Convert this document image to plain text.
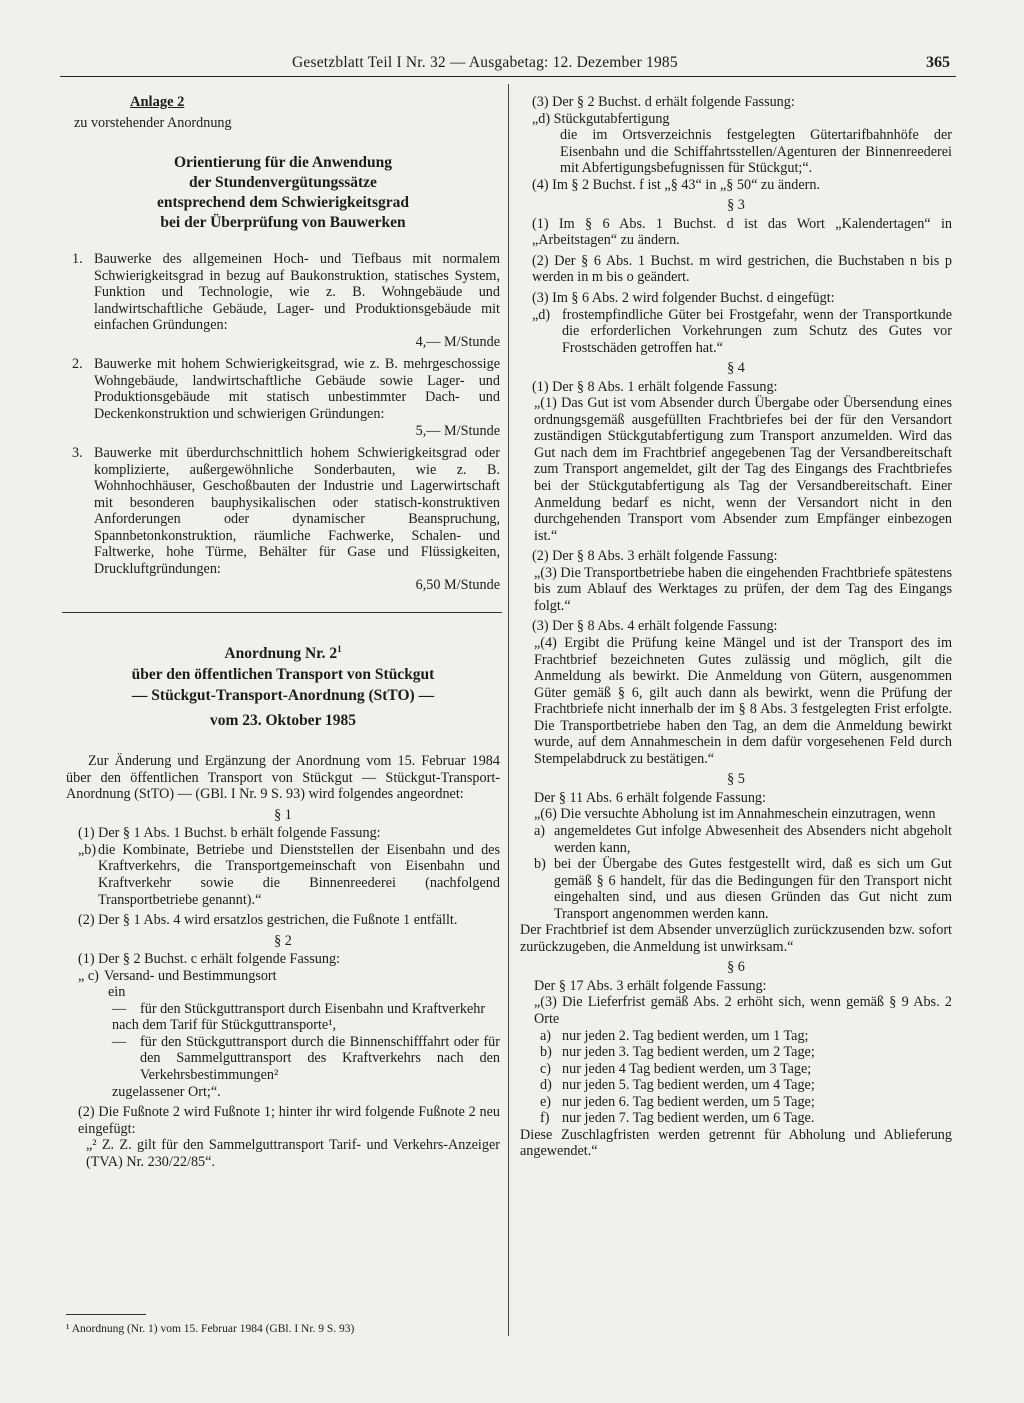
Gesetzblatt Teil I Nr. 32 — Ausgabetag: 12. Dezember 1985	365
Anlage 2
zu vorstehender Anordnung
Orientierung für die Anwendung
der Stundenvergütungssätze
entsprechend dem Schwierigkeitsgrad
bei der Überprüfung von Bauwerken
1. Bauwerke des allgemeinen Hoch- und Tiefbaus mit normalem Schwierigkeitsgrad in bezug auf Baukonstruktion, statisches System, Funktion und Technologie, wie z. B. Wohngebäude und landwirtschaftliche Gebäude, Lager- und Produktionsgebäude mit einfachen Gründungen:
4,— M/Stunde
2. Bauwerke mit hohem Schwierigkeitsgrad, wie z. B. mehrgeschossige Wohngebäude, landwirtschaftliche Gebäude sowie Lager- und Produktionsgebäude mit statisch unbestimmter Dach- und Deckenkonstruktion und schwierigen Gründungen:
5,— M/Stunde
3. Bauwerke mit überdurchschnittlich hohem Schwierigkeitsgrad oder komplizierte, außergewöhnliche Sonderbauten, wie z. B. Wohnhochhäuser, Geschoßbauten der Industrie und Lagerwirtschaft mit besonderen bauphysikalischen oder statisch-konstruktiven Anforderungen oder dynamischer Beanspruchung, Spannbetonkonstruktion, räumliche Fachwerke, Schalen- und Faltwerke, hohe Türme, Behälter für Gase und Flüssigkeiten, Druckluftgründungen:
6,50 M/Stunde
Anordnung Nr. $2^1$
über den öffentlichen Transport von Stückgut
— Stückgut-Transport-Anordnung (StTO) —
vom 23. Oktober 1985
Zur Änderung und Ergänzung der Anordnung vom 15. Februar 1984 über den öffentlichen Transport von Stückgut — Stückgut-Transport-Anordnung (StTO) — (GBl. I Nr. 9 S. 93) wird folgendes angeordnet:
§ 1
(1) Der § 1 Abs. 1 Buchst. b erhält folgende Fassung:
„b) die Kombinate, Betriebe und Dienststellen der Eisenbahn und des Kraftverkehrs, die Transportgemeinschaft von Eisenbahn und Kraftverkehr sowie die Binnenreederei (nachfolgend Transportbetriebe genannt).“
(2) Der § 1 Abs. 4 wird ersatzlos gestrichen, die Fußnote 1 entfällt.
§ 2
(1) Der § 2 Buchst. c erhält folgende Fassung:
„ c) Versand- und Bestimmungsort
ein
— für den Stückguttransport durch Eisenbahn und Kraftverkehr
nach dem Tarif für Stückguttransporte¹,
— für den Stückguttransport durch die Binnenschifffahrt oder für den Sammelguttransport des Kraftverkehrs nach den Verkehrsbestimmungen²
zugelassener Ort;“.
(2) Die Fußnote 2 wird Fußnote 1; hinter ihr wird folgende Fußnote 2 neu eingefügt:
„² Z. Z. gilt für den Sammelguttransport Tarif- und Verkehrs-Anzeiger (TVA) Nr. 230/22/85“.
¹ Anordnung (Nr. 1) vom 15. Februar 1984 (GBl. I Nr. 9 S. 93)
(3) Der § 2 Buchst. d erhält folgende Fassung:
„d) Stückgutabfertigung
die im Ortsverzeichnis festgelegten Gütertarifbahnhöfe der Eisenbahn und die Schiffahrtsstellen/Agenturen der Binnenreederei mit Abfertigungsbefugnissen für Stückgut;“.
(4) Im § 2 Buchst. f ist „§ 43“ in „§ 50“ zu ändern.
§ 3
(1) Im § 6 Abs. 1 Buchst. d ist das Wort „Kalendertagen“ in „Arbeitstagen“ zu ändern.
(2) Der § 6 Abs. 1 Buchst. m wird gestrichen, die Buchstaben n bis p werden in m bis o geändert.
(3) Im § 6 Abs. 2 wird folgender Buchst. d eingefügt:
„d) frostempfindliche Güter bei Frostgefahr, wenn der Transportkunde die erforderlichen Vorkehrungen zum Schutz des Gutes vor Frostschäden getroffen hat.“
§ 4
(1) Der § 8 Abs. 1 erhält folgende Fassung:
„(1) Das Gut ist vom Absender durch Übergabe oder Übersendung eines ordnungsgemäß ausgefüllten Frachtbriefes bei der für den Versandort zuständigen Stückgutabfertigung zum Transport anzumelden. Wird das Gut nach dem im Frachtbrief angegebenen Tag der Versandbereitschaft zum Transport angemeldet, gilt der Tag des Eingangs des Frachtbriefes bei der Stückgutabfertigung als Tag der Versandbereitschaft. Einer Anmeldung bedarf es nicht, wenn der Versandort nicht in den durchgehenden Transport vom Absender zum Empfänger einbezogen ist.“
(2) Der § 8 Abs. 3 erhält folgende Fassung:
„(3) Die Transportbetriebe haben die eingehenden Frachtbriefe spätestens bis zum Ablauf des Werktages zu prüfen, der dem Tag des Eingangs folgt.“
(3) Der § 8 Abs. 4 erhält folgende Fassung:
„(4) Ergibt die Prüfung keine Mängel und ist der Transport des im Frachtbrief bezeichneten Gutes zulässig und möglich, gilt die Anmeldung als bewirkt. Die Anmeldung von Gütern, ausgenommen Güter gemäß § 6, gilt auch dann als bewirkt, wenn die Prüfung der Frachtbriefe nicht innerhalb der im § 8 Abs. 3 festgelegten Frist erfolgte. Die Transportbetriebe haben den Tag, an dem die Anmeldung bewirkt wurde, auf dem Annahmeschein in dem dafür vorgesehenen Feld durch Stempelabdruck zu bestätigen.“
§ 5
Der § 11 Abs. 6 erhält folgende Fassung:
„(6) Die versuchte Abholung ist im Annahmeschein einzutragen, wenn
a) angemeldetes Gut infolge Abwesenheit des Absenders nicht abgeholt werden kann,
b) bei der Übergabe des Gutes festgestellt wird, daß es sich um Gut gemäß § 6 handelt, für das die Bedingungen für den Transport nicht eingehalten sind, und aus diesen Gründen das Gut nicht zum Transport angenommen werden kann.
Der Frachtbrief ist dem Absender unverzüglich zurückzusenden bzw. sofort zurückzugeben, die Anmeldung ist unwirksam.“
§ 6
Der § 17 Abs. 3 erhält folgende Fassung:
„(3) Die Lieferfrist gemäß Abs. 2 erhöht sich, wenn gemäß § 9 Abs. 2 Orte
a) nur jeden 2. Tag bedient werden, um 1 Tag;
b) nur jeden 3. Tag bedient werden, um 2 Tage;
c) nur jeden 4 Tag bedient werden, um 3 Tage;
d) nur jeden 5. Tag bedient werden, um 4 Tage;
e) nur jeden 6. Tag bedient werden, um 5 Tage;
f) nur jeden 7. Tag bedient werden, um 6 Tage.
Diese Zuschlagfristen werden getrennt für Abholung und Ablieferung angewendet.“
